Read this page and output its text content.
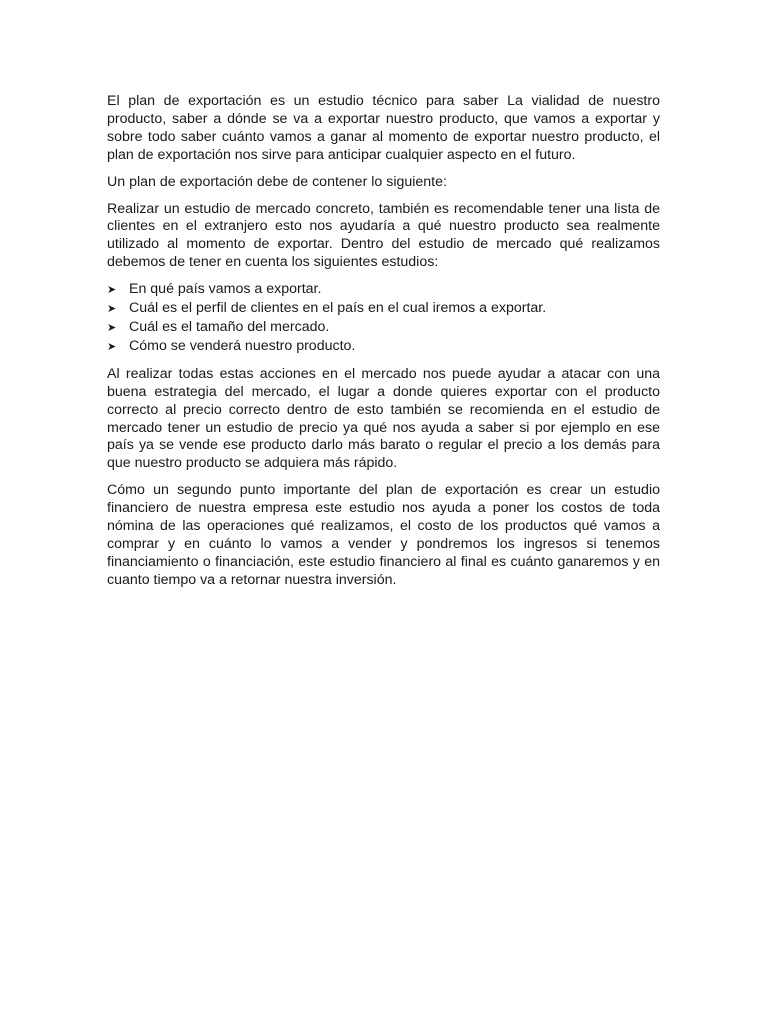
El plan de exportación es un estudio técnico para saber La vialidad de nuestro producto, saber a dónde se va a exportar nuestro producto, que vamos a exportar y sobre todo saber cuánto vamos a ganar al momento de exportar nuestro producto, el plan de exportación nos sirve para anticipar cualquier aspecto en el futuro.

Un plan de exportación debe de contener lo siguiente:

Realizar un estudio de mercado concreto, también es recomendable tener una lista de clientes en el extranjero esto nos ayudaría a qué nuestro producto sea realmente utilizado al momento de exportar. Dentro del estudio de mercado qué realizamos debemos de tener en cuenta los siguientes estudios:

➤ En qué país vamos a exportar.
➤ Cuál es el perfil de clientes en el país en el cual iremos a exportar.
➤ Cuál es el tamaño del mercado.
➤ Cómo se venderá nuestro producto.

Al realizar todas estas acciones en el mercado nos puede ayudar a atacar con una buena estrategia del mercado, el lugar a donde quieres exportar con el producto correcto al precio correcto dentro de esto también se recomienda en el estudio de mercado tener un estudio de precio ya qué nos ayuda a saber si por ejemplo en ese país ya se vende ese producto darlo más barato o regular el precio a los demás para que nuestro producto se adquiera más rápido.

Cómo un segundo punto importante del plan de exportación es crear un estudio financiero de nuestra empresa este estudio nos ayuda a poner los costos de toda nómina de las operaciones qué realizamos, el costo de los productos qué vamos a comprar y en cuánto lo vamos a vender y pondremos los ingresos si tenemos financiamiento o financiación, este estudio financiero al final es cuánto ganaremos y en cuanto tiempo va a retornar nuestra inversión.
